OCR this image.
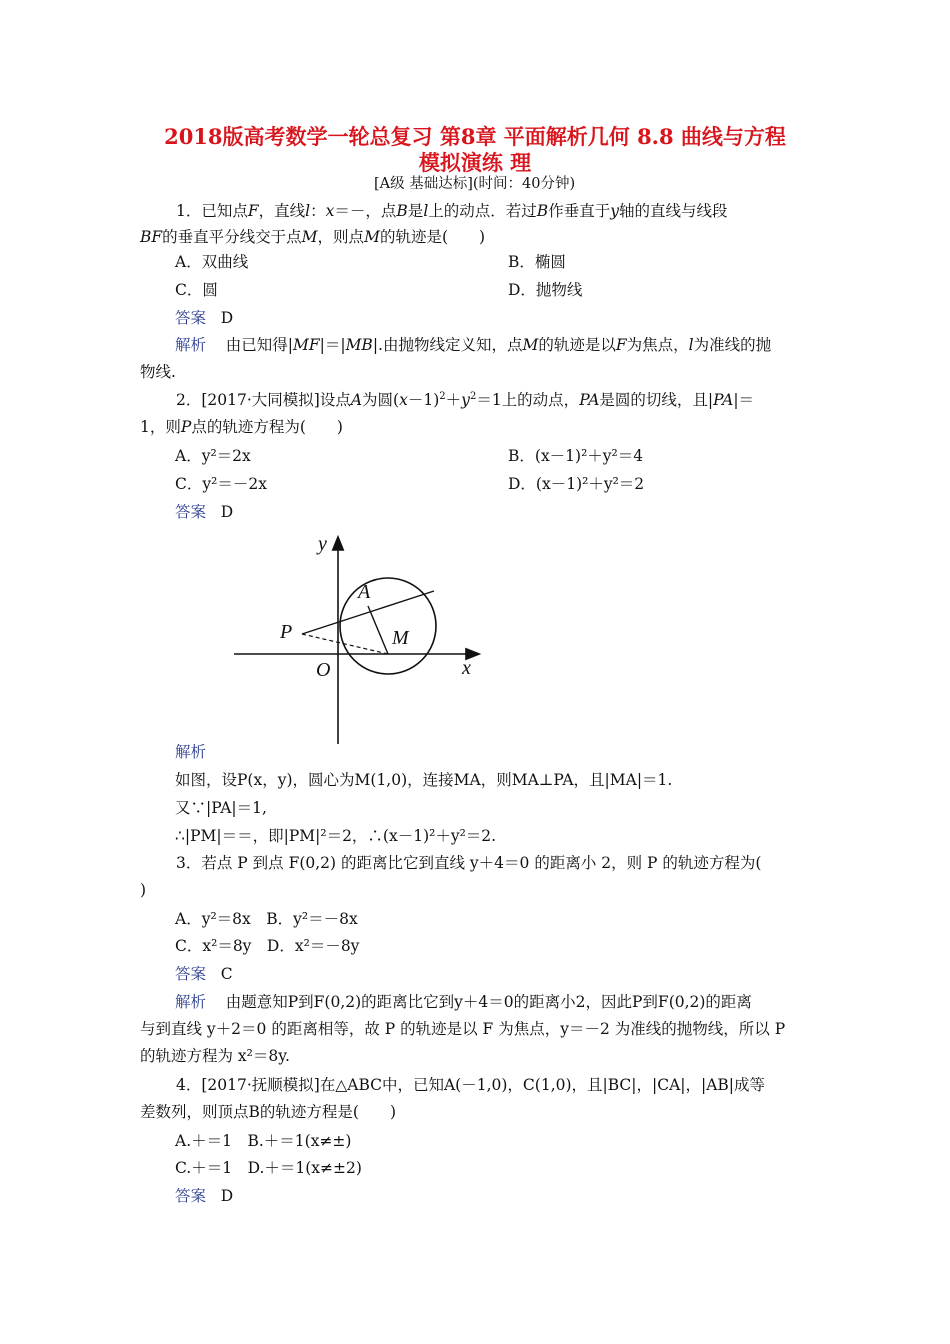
2018版高考数学一轮总复习 第8章 平面解析几何 8.8 曲线与方程
模拟演练 理
[A级 基础达标](时间：40分钟)
1．已知点F，直线l：x＝－，点B是l上的动点．若过B作垂直于y轴的直线与线段
BF的垂直平分线交于点M，则点M的轨迹是(　　)
A．双曲线	B．椭圆
C．圆	D．抛物线
答案 D
解析 由已知得|MF|＝|MB|.由抛物线定义知，点M的轨迹是以F为焦点，l为准线的抛
物线.
2．[2017·大同模拟]设点A为圆$(x-1)^2+y^2=1$上的动点，PA是圆的切线，且|PA|＝
1，则P点的轨迹方程为(　　)
A．y²＝2x	B．(x－1)²＋y²＝4
C．y²＝－2x	D．(x－1)²＋y²＝2
答案 D
y
x
O
A
P	M
解析
如图，设P(x，y)，圆心为M(1,0)，连接MA，则MA⊥PA，且|MA|＝1.
又∵|PA|＝1,
∴|PM|＝＝，即|PM|²＝2，∴(x－1)²＋y²＝2.
3．若点 P 到点 F(0,2) 的距离比它到直线 y＋4＝0 的距离小 2，则 P 的轨迹方程为(
)
A．y²＝8x　B．y²＝－8x
C．x²＝8y　D．x²＝－8y
答案 C
解析 由题意知P到F(0,2)的距离比它到y＋4＝0的距离小2，因此P到F(0,2)的距离
与到直线 y＋2＝0 的距离相等，故 P 的轨迹是以 F 为焦点，y＝－2 为准线的抛物线，所以 P
的轨迹方程为 x²＝8y.
4．[2017·抚顺模拟]在△ABC中，已知A(－1,0)，C(1,0)，且|BC|，|CA|，|AB|成等
差数列，则顶点B的轨迹方程是(　　)
A.＋＝1　B.＋＝1(x≠±)
C.＋＝1　D.＋＝1(x≠±2)
答案 D
